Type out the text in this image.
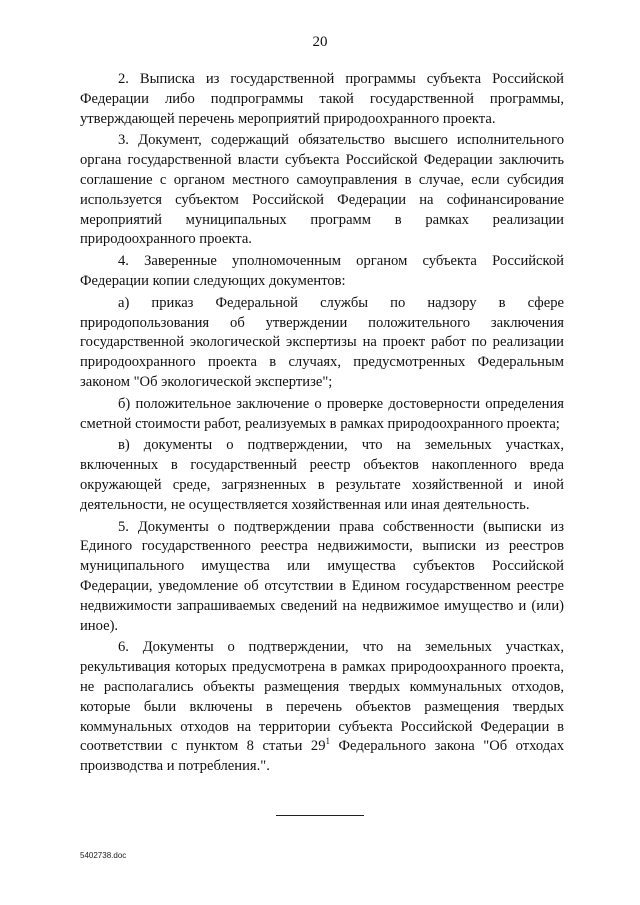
20

2. Выписка из государственной программы субъекта Российской Федерации либо подпрограммы такой государственной программы, утверждающей перечень мероприятий природоохранного проекта.

3. Документ, содержащий обязательство высшего исполнительного органа государственной власти субъекта Российской Федерации заключить соглашение с органом местного самоуправления в случае, если субсидия используется субъектом Российской Федерации на софинансирование мероприятий муниципальных программ в рамках реализации природоохранного проекта.

4. Заверенные уполномоченным органом субъекта Российской Федерации копии следующих документов:

а) приказ Федеральной службы по надзору в сфере природопользования об утверждении положительного заключения государственной экологической экспертизы на проект работ по реализации природоохранного проекта в случаях, предусмотренных Федеральным законом "Об экологической экспертизе";

б) положительное заключение о проверке достоверности определения сметной стоимости работ, реализуемых в рамках природоохранного проекта;

в) документы о подтверждении, что на земельных участках, включенных в государственный реестр объектов накопленного вреда окружающей среде, загрязненных в результате хозяйственной и иной деятельности, не осуществляется хозяйственная или иная деятельность.

5. Документы о подтверждении права собственности (выписки из Единого государственного реестра недвижимости, выписки из реестров муниципального имущества или имущества субъектов Российской Федерации, уведомление об отсутствии в Едином государственном реестре недвижимости запрашиваемых сведений на недвижимое имущество и (или) иное).

6. Документы о подтверждении, что на земельных участках, рекультивация которых предусмотрена в рамках природоохранного проекта, не располагались объекты размещения твердых коммунальных отходов, которые были включены в перечень объектов размещения твердых коммунальных отходов на территории субъекта Российской Федерации в соответствии с пунктом 8 статьи $29^1$ Федерального закона "Об отходах производства и потребления.".

5402738.doc
